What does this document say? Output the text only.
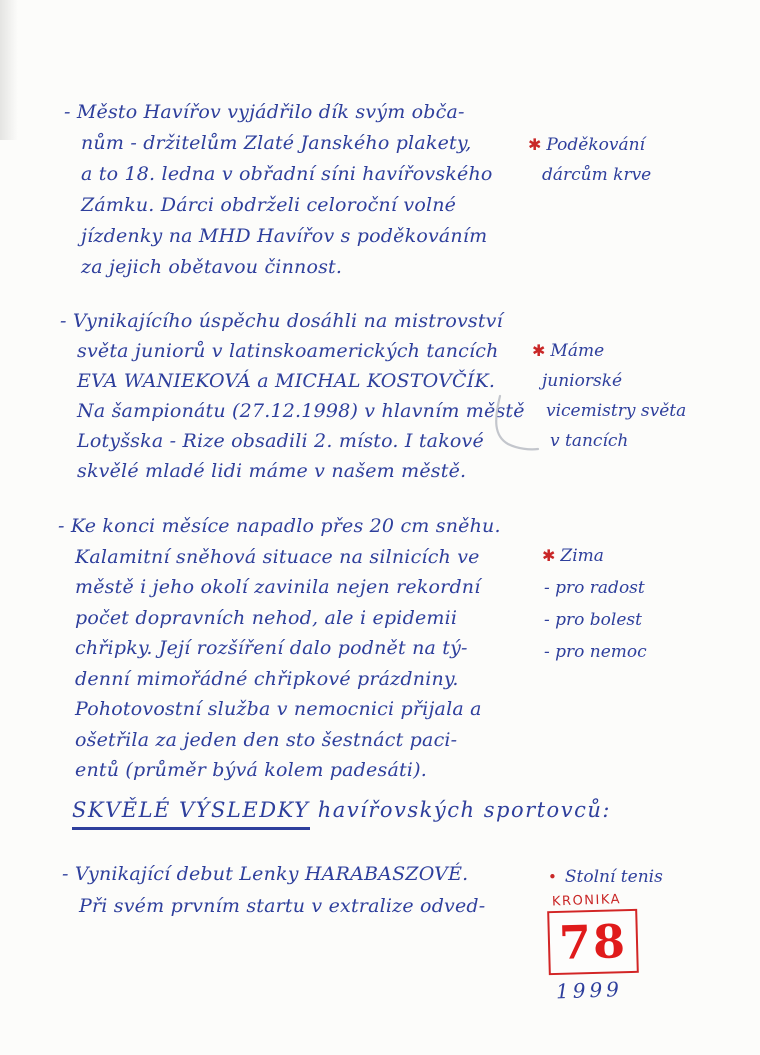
- Město Havířov vyjádřilo dík svým obča-
nům - držitelům Zlaté Janského plakety,
a to 18. ledna v obřadní síni havířovského
Zámku. Dárci obdrželi celoroční volné
jízdenky na MHD Havířov s poděkováním
za jejich obětavou činnost.
✱ Poděkování
dárcům krve
- Vynikajícího úspěchu dosáhli na mistrovství
světa juniorů v latinskoamerických tancích
EVA WANIEKOVÁ a MICHAL KOSTOVČÍK.
Na šampionátu (27.12.1998) v hlavním městě
Lotyšska - Rize obsadili 2. místo. I takové
skvělé mladé lidi máme v našem městě.
✱ Máme
juniorské
vicemistry světa
v tancích
- Ke konci měsíce napadlo přes 20 cm sněhu.
Kalamitní sněhová situace na silnicích ve
městě i jeho okolí zavinila nejen rekordní
počet dopravních nehod, ale i epidemii
chřipky. Její rozšíření dalo podnět na tý-
denní mimořádné chřipkové prázdniny.
Pohotovostní služba v nemocnici přijala a
ošetřila za jeden den sto šestnáct paci-
entů (průměr bývá kolem padesáti).
✱ Zima
- pro radost
- pro bolest
- pro nemoc
SKVĚLÉ VÝSLEDKY havířovských sportovců:
- Vynikající debut Lenky HARABASZOVÉ.
Při svém prvním startu v extralize odved-
• Stolní tenis
KRONIKA
78
1999
